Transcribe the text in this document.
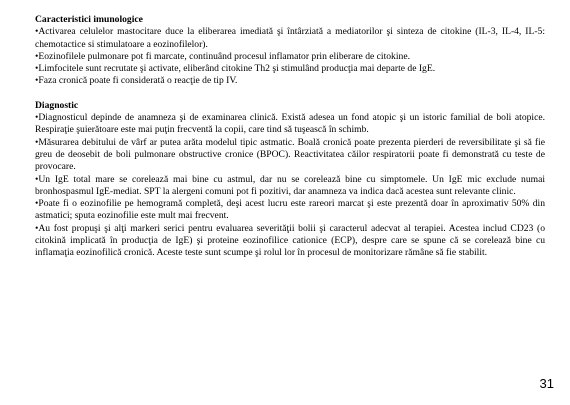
Caracteristici imunologice

•Activarea celulelor mastocitare duce la eliberarea imediată şi întârziată a mediatorilor şi sinteza de citokine (IL-3, IL-4, IL-5: chemotactice si stimulatoare a eozinofilelor).

•Eozinofilele pulmonare pot fi marcate, continuând procesul inflamator prin eliberare de citokine.

•Limfocitele sunt recrutate şi activate, eliberând citokine Th2 şi stimulând producţia mai departe de IgE.

•Faza cronică poate fi considerată o reacţie de tip IV.

Diagnostic

•Diagnosticul depinde de anamneza şi de examinarea clinică. Există adesea un fond atopic şi un istoric familial de boli atopice. Respiraţie şuierătoare este mai puţin frecventă la copii, care tind să tuşească în schimb.

•Măsurarea debitului de vârf ar putea arăta modelul tipic astmatic. Boală cronică poate prezenta pierderi de reversibilitate şi să fie greu de deosebit de boli pulmonare obstructive cronice (BPOC). Reactivitatea căilor respiratorii poate fi demonstrată cu teste de provocare.

•Un IgE total mare se corelează mai bine cu astmul, dar nu se corelează bine cu simptomele. Un IgE mic exclude numai bronhospasmul IgE-mediat. SPT la alergeni comuni pot fi pozitivi, dar anamneza va indica dacă acestea sunt relevante clinic.

•Poate fi o eozinofilie pe hemogramă completă, deşi acest lucru este rareori marcat şi este prezentă doar în aproximativ 50% din astmatici; sputa eozinofilie este mult mai frecvent.

•Au fost propuşi şi alţi markeri serici pentru evaluarea severităţii bolii şi caracterul adecvat al terapiei. Acestea includ CD23 (o citokină implicată în producţia de IgE) şi proteine eozinofilice cationice (ECP), despre care se spune că se corelează bine cu inflamaţia eozinofilică cronică. Aceste teste sunt scumpe şi rolul lor în procesul de monitorizare rămâne să fie stabilit.

31
